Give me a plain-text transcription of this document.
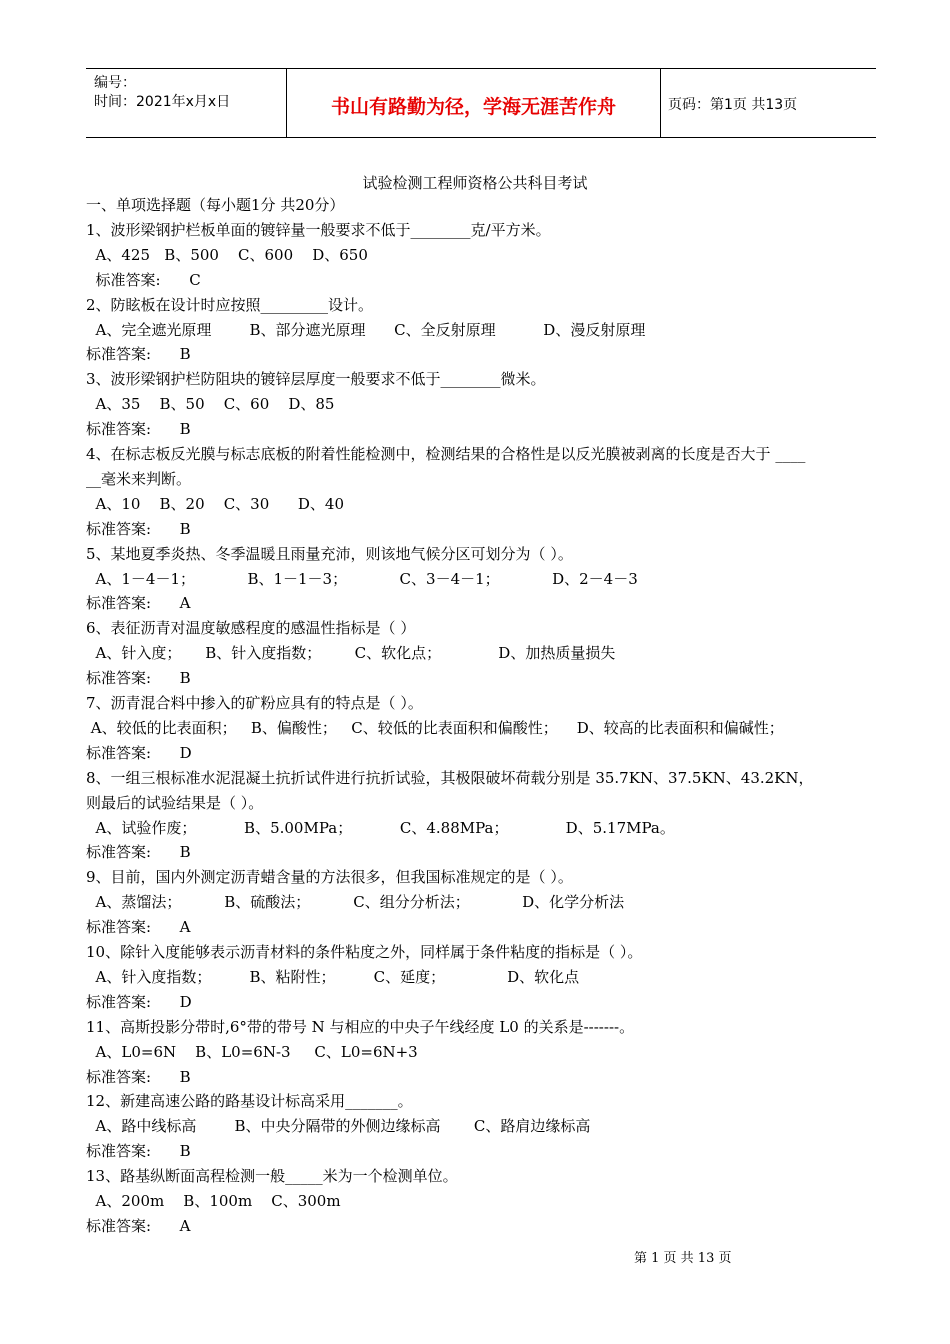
编号：
时间：2021年x月x日	书山有路勤为径，学海无涯苦作舟	页码：第1页 共13页
试验检测工程师资格公共科目考试
一、单项选择题（每小题1分 共20分）
1、波形梁钢护栏板单面的镀锌量一般要求不低于________克/平方米。
A、425   B、500    C、600    D、650
标准答案:      C
2、防眩板在设计时应按照_________设计。
A、完全遮光原理        B、部分遮光原理      C、全反射原理          D、漫反射原理
标准答案:      B
3、波形梁钢护栏防阻块的镀锌层厚度一般要求不低于________微米。
A、35    B、50    C、60    D、85
标准答案:      B
4、在标志板反光膜与标志底板的附着性能检测中，检测结果的合格性是以反光膜被剥离的长度是否大于 ____
__毫米来判断。
A、10    B、20    C、30      D、40
标准答案:      B
5、某地夏季炎热、冬季温暖且雨量充沛，则该地气候分区可划分为（ ）。
A、1－4－1；           B、1－1－3；           C、3－4－1；           D、2－4－3
标准答案:      A
6、表征沥青对温度敏感程度的感温性指标是（ ）
A、针入度；     B、针入度指数；       C、软化点；            D、加热质量损失
标准答案:      B
7、沥青混合料中掺入的矿粉应具有的特点是（ ）。
A、较低的比表面积；   B、偏酸性；   C、较低的比表面积和偏酸性；    D、较高的比表面积和偏碱性；
标准答案:      D
8、一组三根标准水泥混凝土抗折试件进行抗折试验，其极限破坏荷载分别是 35.7KN、37.5KN、43.2KN，
则最后的试验结果是（ ）。
A、试验作废；          B、5.00MPa；          C、4.88MPa；            D、5.17MPa。
标准答案:      B
9、目前，国内外测定沥青蜡含量的方法很多，但我国标准规定的是（ ）。
A、蒸馏法；         B、硫酸法；         C、组分分析法；           D、化学分析法
标准答案:      A
10、除针入度能够表示沥青材料的条件粘度之外，同样属于条件粘度的指标是（ ）。
A、针入度指数；        B、粘附性；        C、延度；             D、软化点
标准答案:      D
11、高斯投影分带时,6°带的带号 N 与相应的中央子午线经度 L0 的关系是-------。
A、L0=6N    B、L0=6N-3     C、L0=6N+3
标准答案:      B
12、新建高速公路的路基设计标高采用_______。
A、路中线标高        B、中央分隔带的外侧边缘标高       C、路肩边缘标高
标准答案:      B
13、路基纵断面高程检测一般_____米为一个检测单位。
A、200m    B、100m    C、300m
标准答案:      A
第 1 页 共 13 页
